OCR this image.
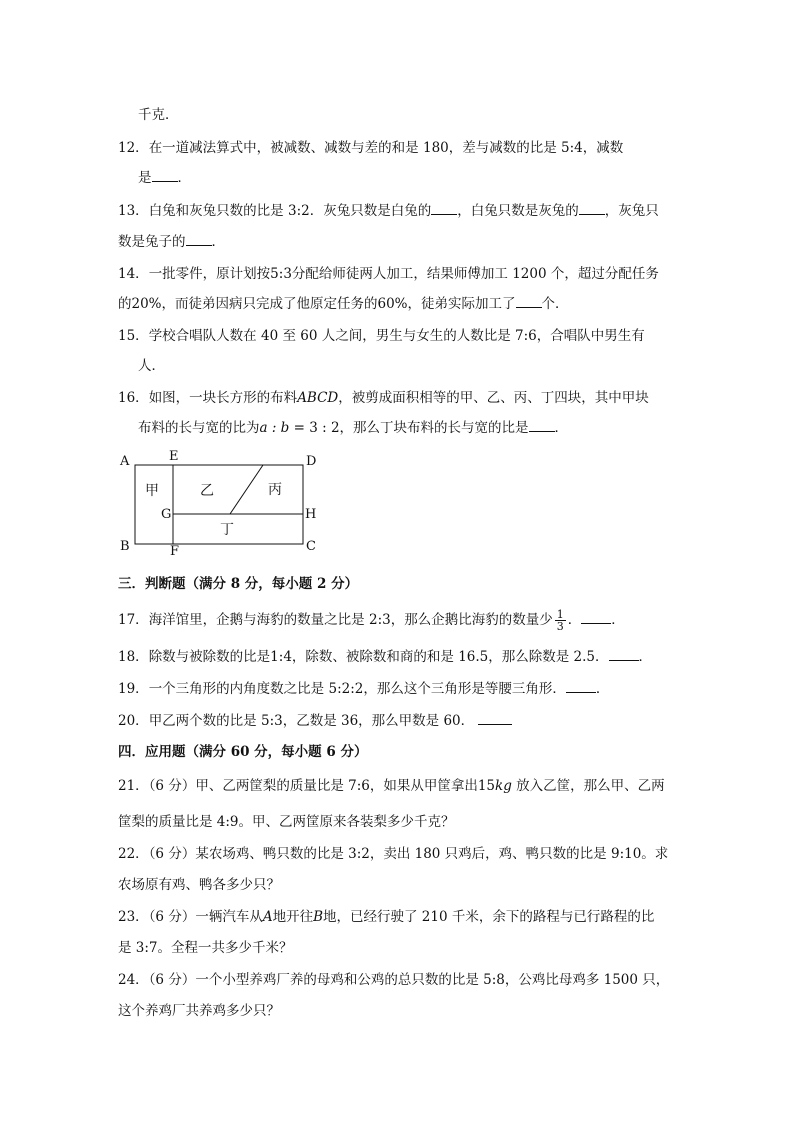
千克．
12．在一道减法算式中，被减数、减数与差的和是 180，差与减数的比是 5:4，减数
是 ．
13．白兔和灰兔只数的比是 3:2．灰兔只数是白兔的 ，白兔只数是灰兔的 ，灰兔只
数是兔子的 ．
14．一批零件，原计划按5:3分配给师徒两人加工，结果师傅加工 1200 个，超过分配任务
的20%，而徒弟因病只完成了他原定任务的60%，徒弟实际加工了 个．
15．学校合唱队人数在 40 至 60 人之间，男生与女生的人数比是 7:6，合唱队中男生有
人．
16．如图，一块长方形的布料ABCD，被剪成面积相等的甲、乙、丙、丁四块，其中甲块
布料的长与宽的比为a : b = 3 : 2，那么丁块布料的长与宽的比是 ．
A
B	C
D
E
F
G	H
甲	乙	丙
丁
三．判断题（满分 8 分，每小题 2 分）
17．海洋馆里，企鹅与海豹的数量之比是 2:3，那么企鹅比海豹的数量少 $\frac{1}{3}$ ． ．
18．除数与被除数的比是1:4，除数、被除数和商的和是 16.5，那么除数是 2.5． ．
19．一个三角形的内角度数之比是 5:2:2，那么这个三角形是等腰三角形． ．
20．甲乙两个数的比是 5:3，乙数是 36，那么甲数是 60．
四．应用题（满分 60 分，每小题 6 分）
21．（6 分）甲、乙两筐梨的质量比是 7:6，如果从甲筐拿出15kg 放入乙筐，那么甲、乙两
筐梨的质量比是 4:9。甲、乙两筐原来各装梨多少千克？
22．（6 分）某农场鸡、鸭只数的比是 3:2，卖出 180 只鸡后，鸡、鸭只数的比是 9:10。求
农场原有鸡、鸭各多少只？
23．（6 分）一辆汽车从A地开往B地，已经行驶了 210 千米，余下的路程与已行路程的比
是 3:7。全程一共多少千米？
24．（6 分）一个小型养鸡厂养的母鸡和公鸡的总只数的比是 5:8，公鸡比母鸡多 1500 只，
这个养鸡厂共养鸡多少只？
